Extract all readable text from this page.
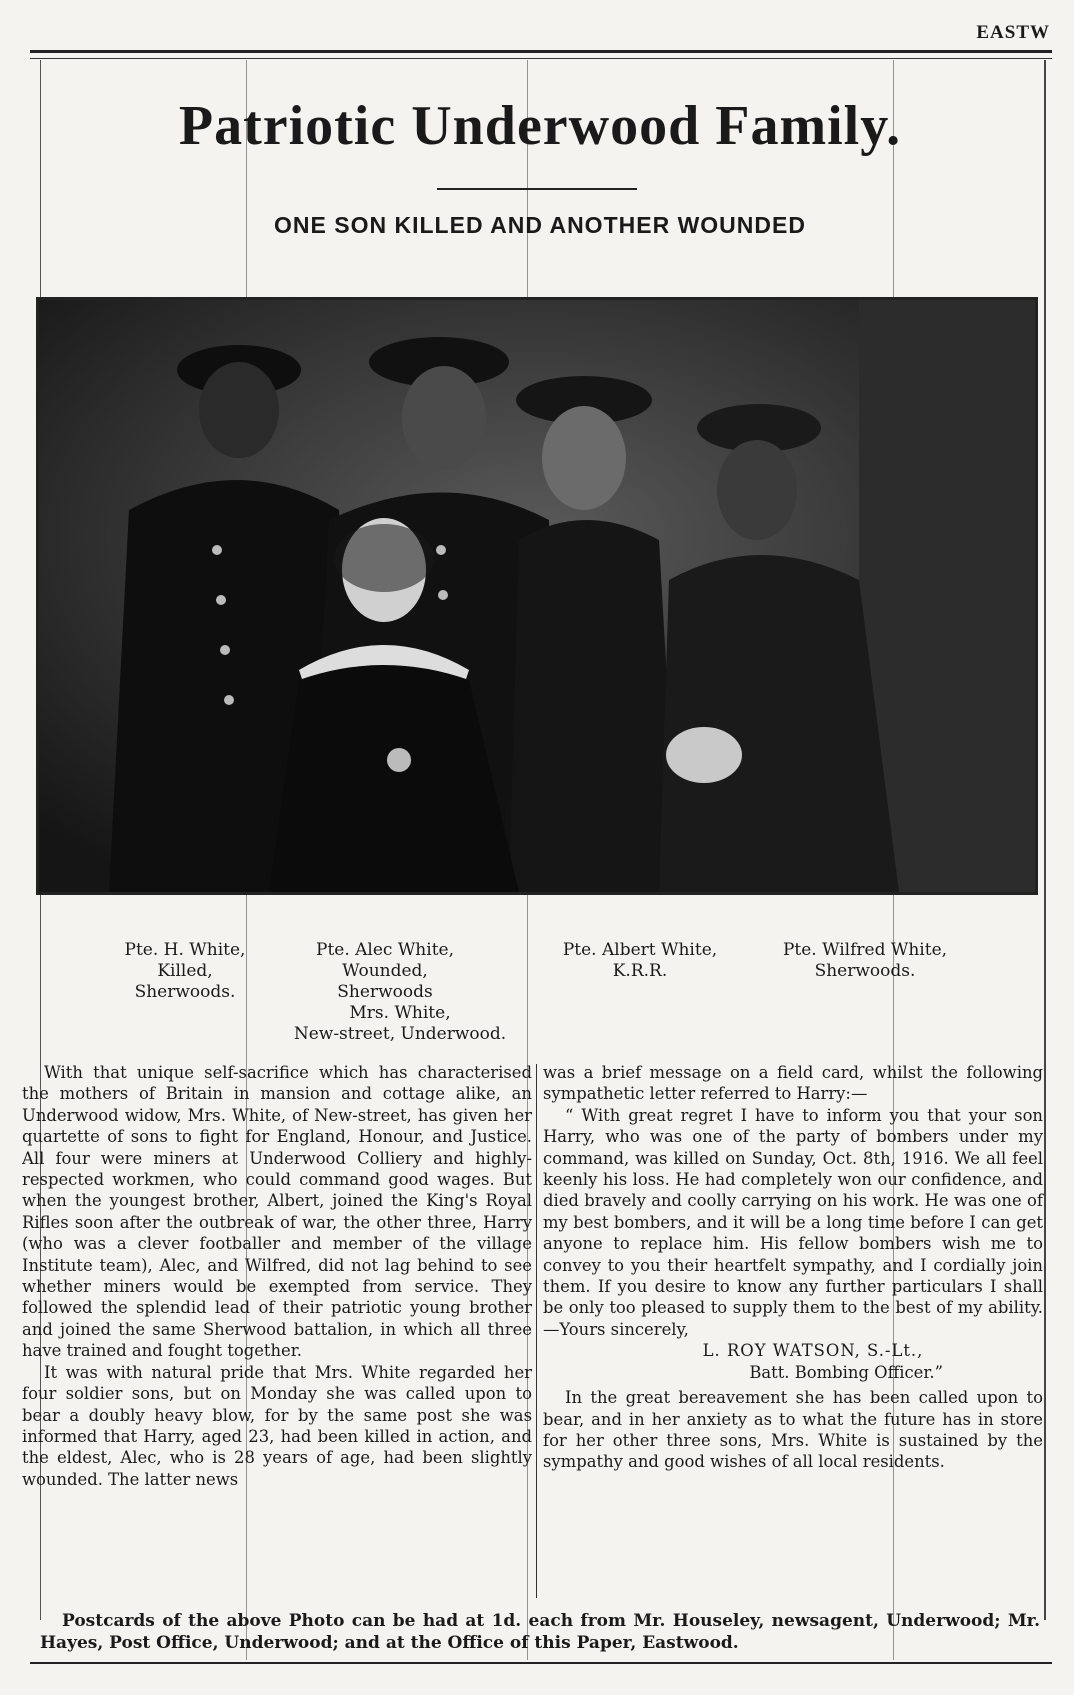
EASTW
Patriotic Underwood Family.
ONE SON KILLED AND ANOTHER WOUNDED
Pte. H. White,
Killed,
Sherwoods.
Pte. Alec White,
Wounded,
Sherwoods
Mrs. White,
New-street, Underwood.
Pte. Albert White,
K.R.R.
Pte. Wilfred White,
Sherwoods.

With that unique self-sacrifice which has characterised the mothers of Britain in mansion and cottage alike, an Underwood widow, Mrs. White, of New-street, has given her quartette of sons to fight for England, Honour, and Justice. All four were miners at Underwood Colliery and highly-respected workmen, who could command good wages. But when the youngest brother, Albert, joined the King's Royal Rifles soon after the outbreak of war, the other three, Harry (who was a clever footballer and member of the village Institute team), Alec, and Wilfred, did not lag behind to see whether miners would be exempted from service. They followed the splendid lead of their patriotic young brother and joined the same Sherwood battalion, in which all three have trained and fought together.

It was with natural pride that Mrs. White regarded her four soldier sons, but on Monday she was called upon to bear a doubly heavy blow, for by the same post she was informed that Harry, aged 23, had been killed in action, and the eldest, Alec, who is 28 years of age, had been slightly wounded. The latter news

was a brief message on a field card, whilst the following sympathetic letter referred to Harry:—

“ With great regret I have to inform you that your son Harry, who was one of the party of bombers under my command, was killed on Sunday, Oct. 8th, 1916. We all feel keenly his loss. He had completely won our confidence, and died bravely and coolly carrying on his work. He was one of my best bombers, and it will be a long time before I can get anyone to replace him. His fellow bombers wish me to convey to you their heartfelt sympathy, and I cordially join them. If you desire to know any further particulars I shall be only too pleased to supply them to the best of my ability.—Yours sincerely,

L. ROY WATSON, S.-Lt.,

Batt. Bombing Officer.”

In the great bereavement she has been called upon to bear, and in her anxiety as to what the future has in store for her other three sons, Mrs. White is sustained by the sympathy and good wishes of all local residents.

Postcards of the above Photo can be had at 1d. each from Mr. Houseley, newsagent, Underwood; Mr. Hayes, Post Office, Underwood; and at the Office of this Paper, Eastwood.
